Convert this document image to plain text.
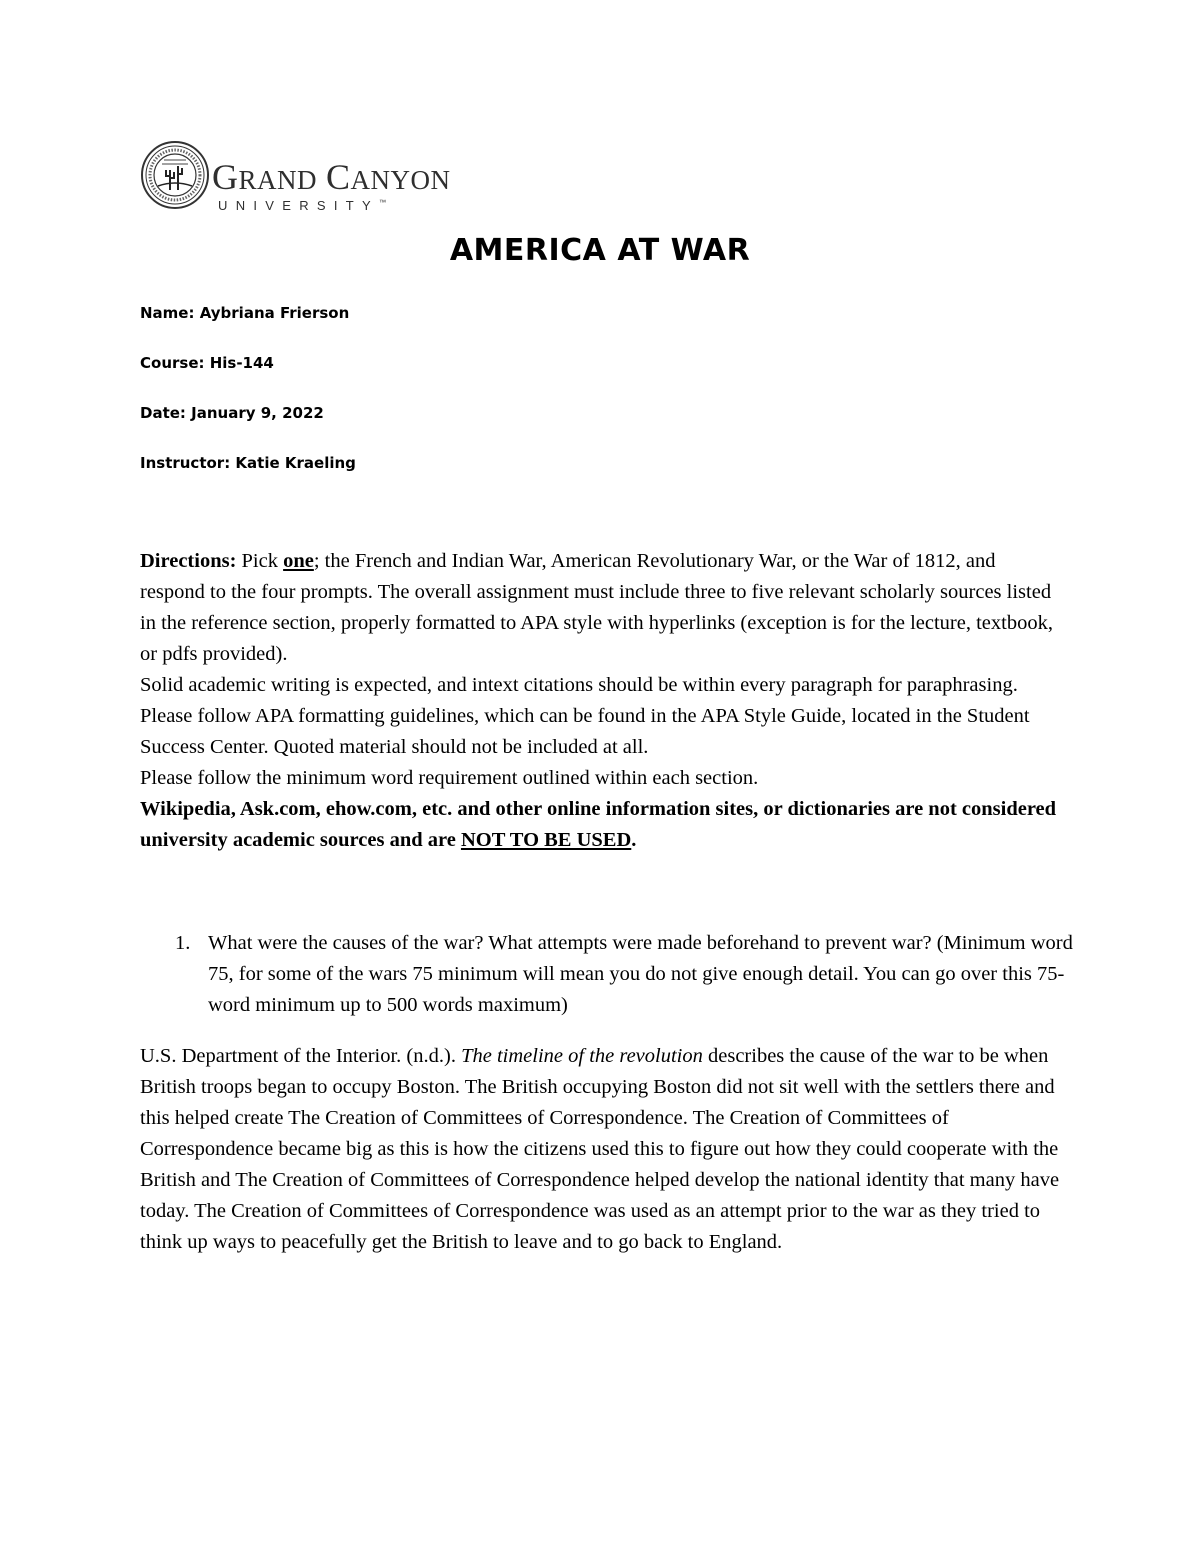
GRAND CANYON
UNIVERSITY™
AMERICA AT WAR
Name: Aybriana Frierson
Course: His-144
Date: January 9, 2022
Instructor: Katie Kraeling

Directions: Pick one; the French and Indian War, American Revolutionary War, or the War of 1812, and respond to the four prompts. The overall assignment must include three to five relevant scholarly sources listed in the reference section, properly formatted to APA style with hyperlinks (exception is for the lecture, textbook, or pdfs provided).

Solid academic writing is expected, and intext citations should be within every paragraph for paraphrasing. Please follow APA formatting guidelines, which can be found in the APA Style Guide, located in the Student Success Center. Quoted material should not be included at all.

Please follow the minimum word requirement outlined within each section.

Wikipedia, Ask.com, ehow.com, etc. and other online information sites, or dictionaries are not considered university academic sources and are NOT TO BE USED.

1. What were the causes of the war? What attempts were made beforehand to prevent war? (Minimum word 75, for some of the wars 75 minimum will mean you do not give enough detail. You can go over this 75-word minimum up to 500 words maximum)
U.S. Department of the Interior. (n.d.). The timeline of the revolution describes the cause of the war to be when British troops began to occupy Boston. The British occupying Boston did not sit well with the settlers there and this helped create The Creation of Committees of Correspondence. The Creation of Committees of Correspondence became big as this is how the citizens used this to figure out how they could cooperate with the British and The Creation of Committees of Correspondence helped develop the national identity that many have today. The Creation of Committees of Correspondence was used as an attempt prior to the war as they tried to think up ways to peacefully get the British to leave and to go back to England.
